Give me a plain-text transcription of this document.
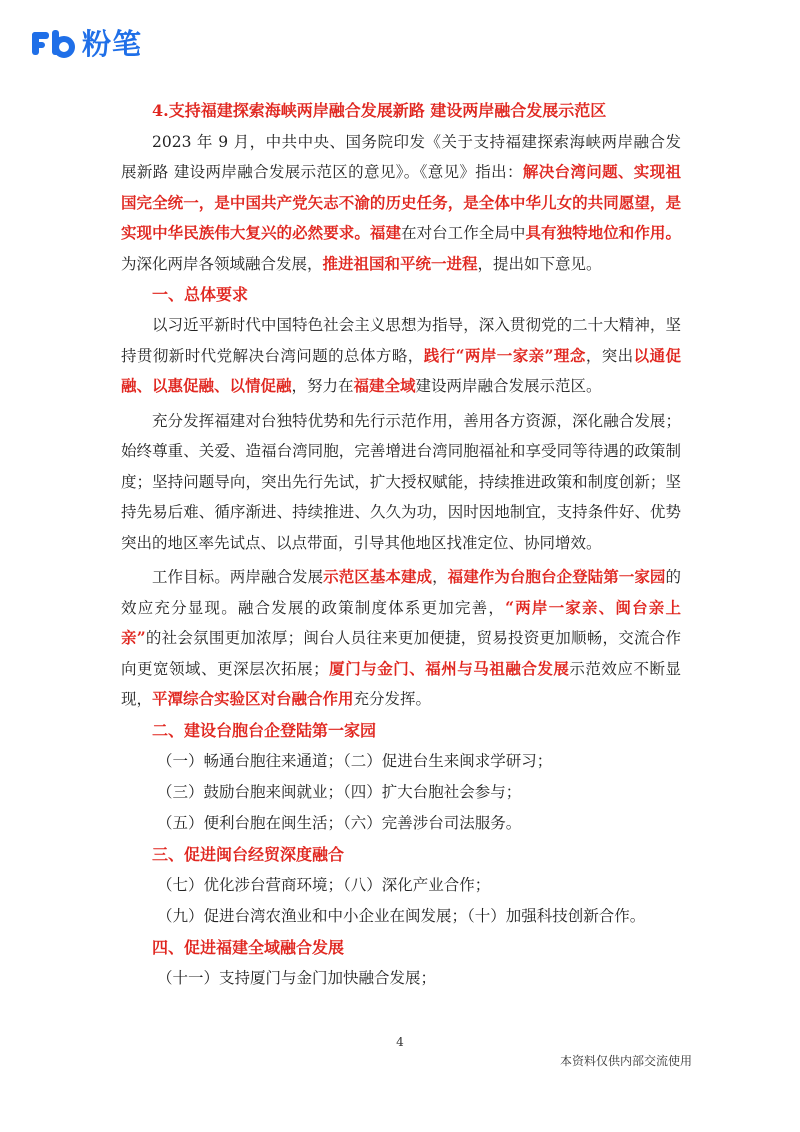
粉笔

4.支持福建探索海峡两岸融合发展新路 建设两岸融合发展示范区

2023 年 9 月，中共中央、国务院印发《关于支持福建探索海峡两岸融合发展新路 建设两岸融合发展示范区的意见》。《意见》指出：解决台湾问题、实现祖国完全统一，是中国共产党矢志不渝的历史任务，是全体中华儿女的共同愿望，是实现中华民族伟大复兴的必然要求。福建在对台工作全局中具有独特地位和作用。为深化两岸各领域融合发展，推进祖国和平统一进程，提出如下意见。

一、总体要求

以习近平新时代中国特色社会主义思想为指导，深入贯彻党的二十大精神，坚持贯彻新时代党解决台湾问题的总体方略，践行“两岸一家亲”理念，突出以通促融、以惠促融、以情促融，努力在福建全域建设两岸融合发展示范区。

充分发挥福建对台独特优势和先行示范作用，善用各方资源，深化融合发展；始终尊重、关爱、造福台湾同胞，完善增进台湾同胞福祉和享受同等待遇的政策制度；坚持问题导向，突出先行先试，扩大授权赋能，持续推进政策和制度创新；坚持先易后难、循序渐进、持续推进、久久为功，因时因地制宜，支持条件好、优势突出的地区率先试点、以点带面，引导其他地区找准定位、协同增效。

工作目标。两岸融合发展示范区基本建成，福建作为台胞台企登陆第一家园的效应充分显现。融合发展的政策制度体系更加完善，“两岸一家亲、闽台亲上亲”的社会氛围更加浓厚；闽台人员往来更加便捷，贸易投资更加顺畅，交流合作向更宽领域、更深层次拓展；厦门与金门、福州与马祖融合发展示范效应不断显现，平潭综合实验区对台融合作用充分发挥。

二、建设台胞台企登陆第一家园

（一）畅通台胞往来通道；（二）促进台生来闽求学研习；

（三）鼓励台胞来闽就业；（四）扩大台胞社会参与；

（五）便利台胞在闽生活；（六）完善涉台司法服务。

三、促进闽台经贸深度融合

（七）优化涉台营商环境；（八）深化产业合作；

（九）促进台湾农渔业和中小企业在闽发展；（十）加强科技创新合作。

四、促进福建全域融合发展

（十一）支持厦门与金门加快融合发展；

4
本资料仅供内部交流使用
